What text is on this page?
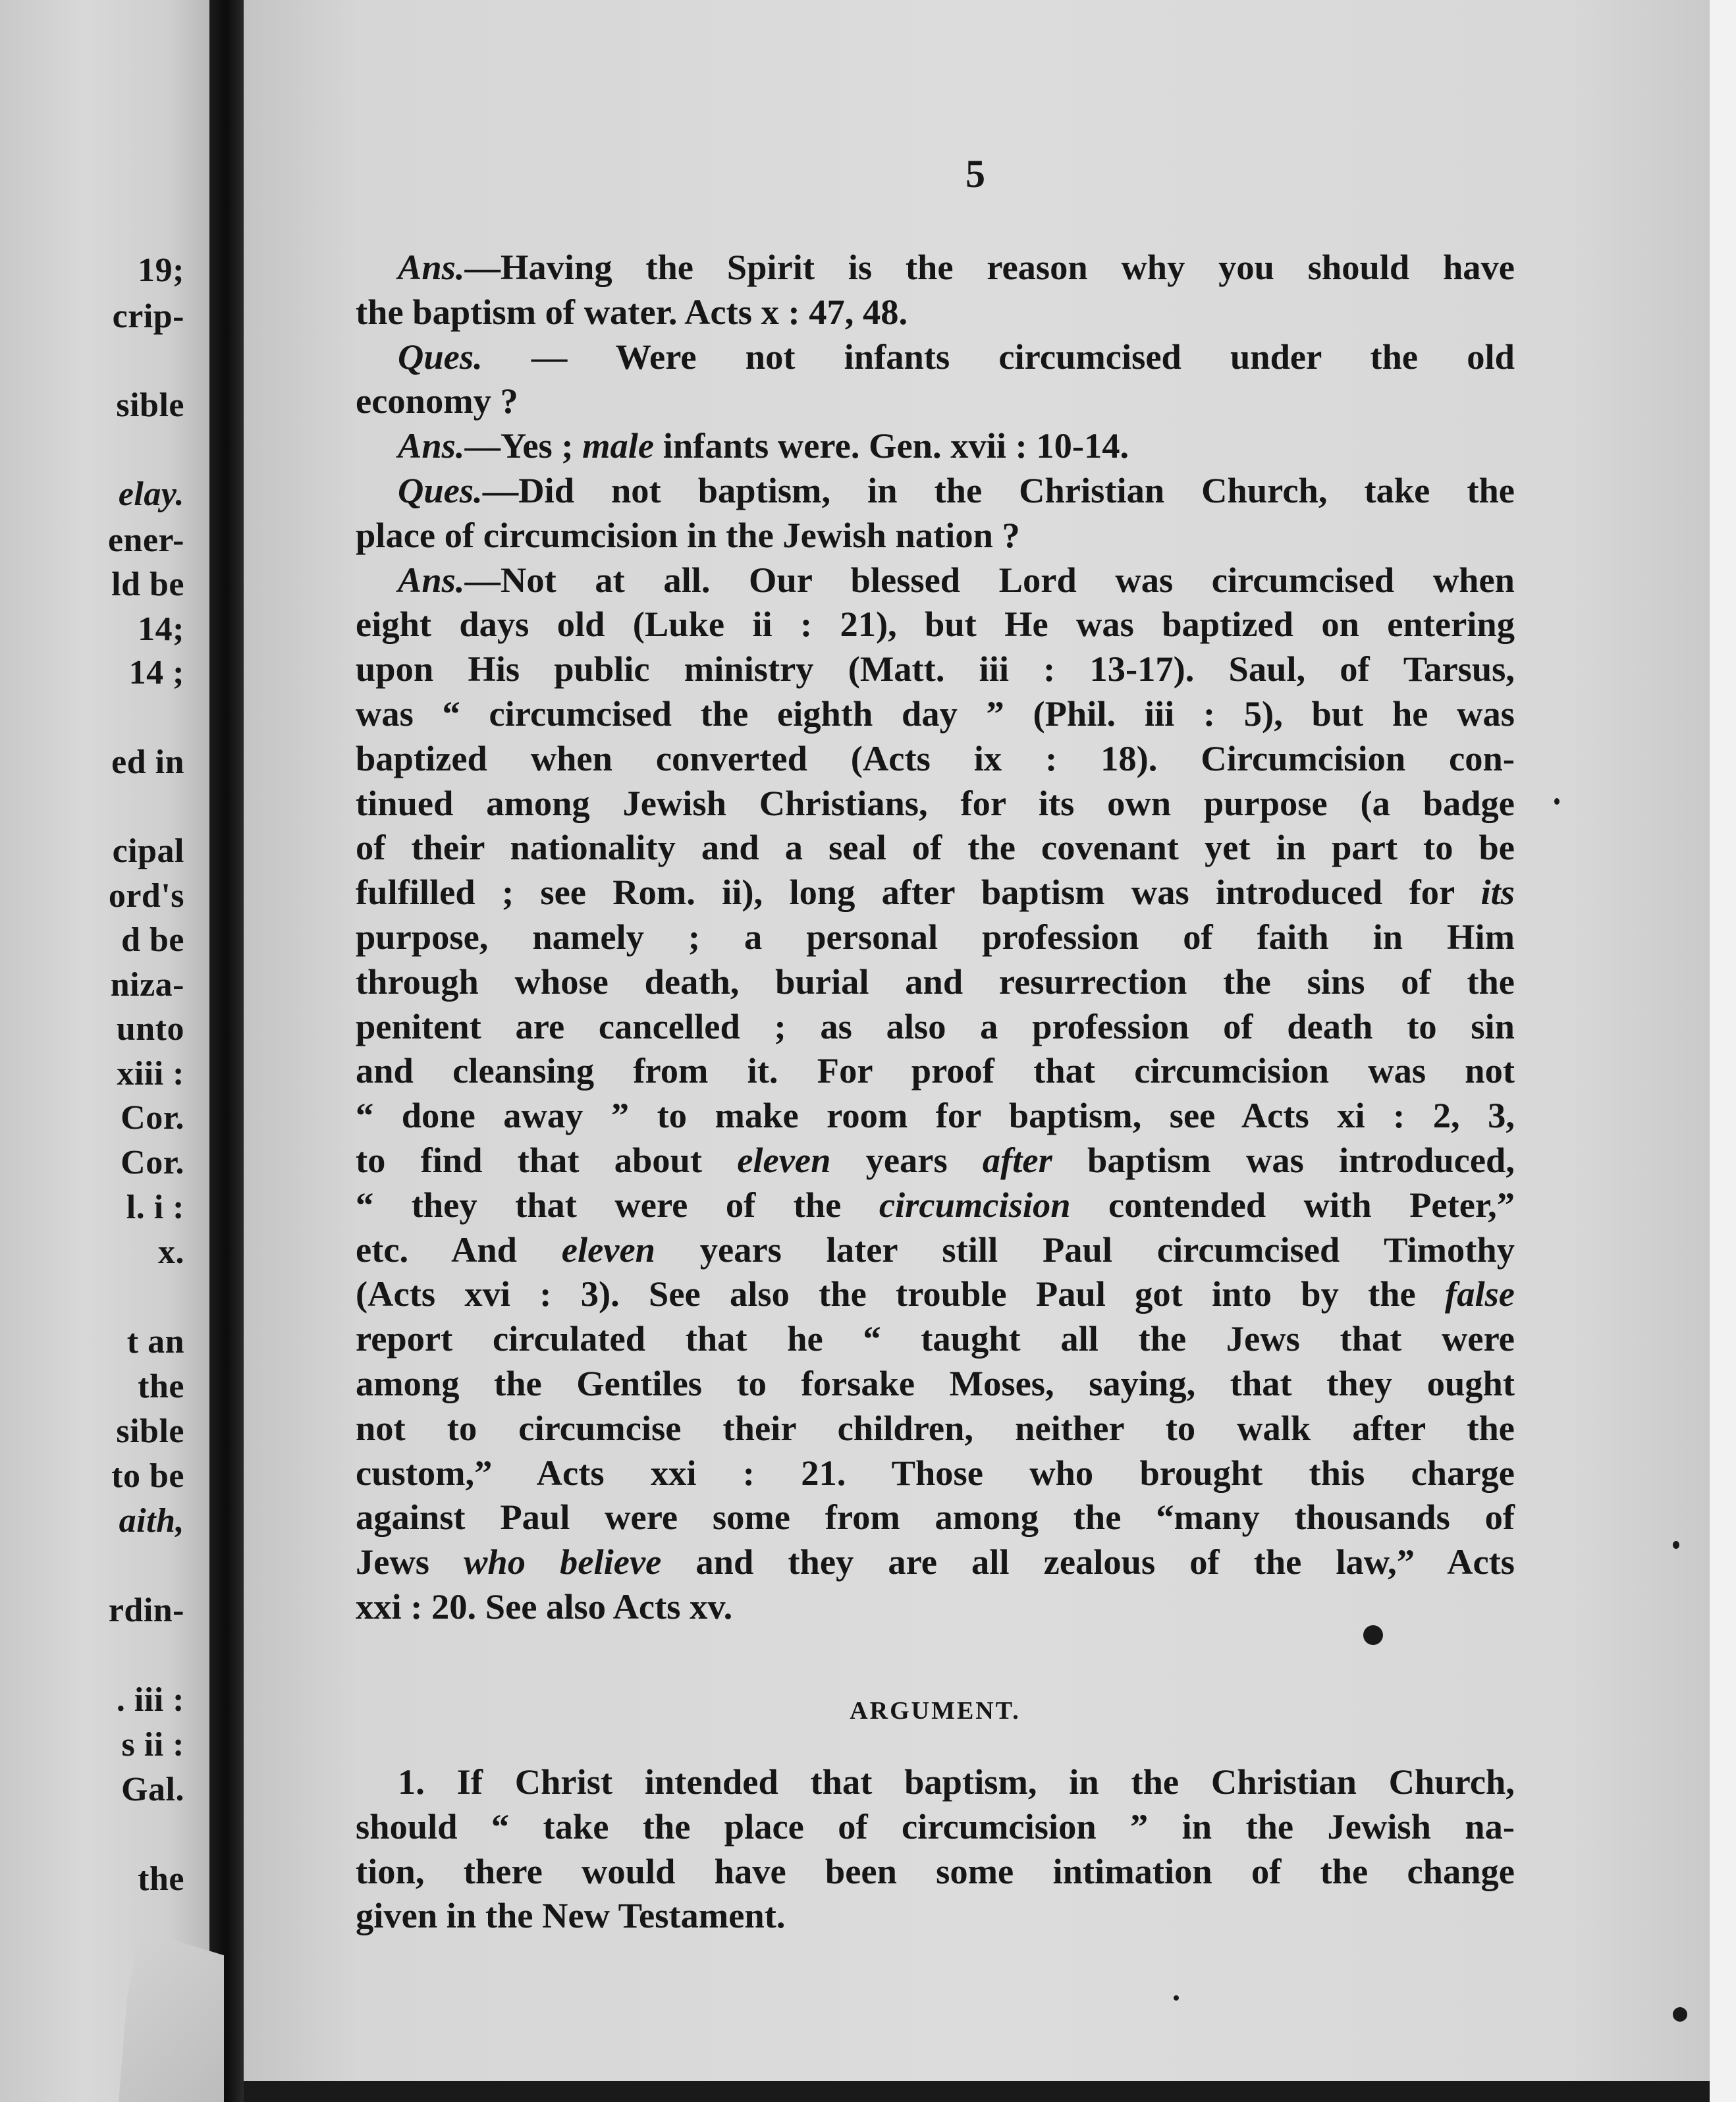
19;
crip-
sible
elay.
ener-
ld be
14;
14 ;
ed in
cipal
ord's
d be
niza-
unto
xiii :
Cor.
Cor.
l. i :
x.
t an
the
sible
to be
aith,
rdin-
. iii :
s ii :
Gal.
the
5
Ans.—Having the Spirit is the reason why you should have
the baptism of water. Acts x : 47, 48.
Ques. — Were not infants circumcised under the old
economy ?
Ans.—Yes ; male infants were. Gen. xvii : 10-14.
Ques.—Did not baptism, in the Christian Church, take the
place of circumcision in the Jewish nation ?
Ans.—Not at all. Our blessed Lord was circumcised when
eight days old (Luke ii : 21), but He was baptized on entering
upon His public ministry (Matt. iii : 13-17). Saul, of Tarsus,
was “ circumcised the eighth day ” (Phil. iii : 5), but he was
baptized when converted (Acts ix : 18). Circumcision con-
tinued among Jewish Christians, for its own purpose (a badge
of their nationality and a seal of the covenant yet in part to be
fulfilled ; see Rom. ii), long after baptism was introduced for its
purpose, namely ; a personal profession of faith in Him
through whose death, burial and resurrection the sins of the
penitent are cancelled ; as also a profession of death to sin
and cleansing from it. For proof that circumcision was not
“ done away ” to make room for baptism, see Acts xi : 2, 3,
to find that about eleven years after baptism was introduced,
“ they that were of the circumcision contended with Peter,”
etc. And eleven years later still Paul circumcised Timothy
(Acts xvi : 3). See also the trouble Paul got into by the false
report circulated that he “ taught all the Jews that were
among the Gentiles to forsake Moses, saying, that they ought
not to circumcise their children, neither to walk after the
custom,” Acts xxi : 21. Those who brought this charge
against Paul were some from among the “many thousands of
Jews who believe and they are all zealous of the law,” Acts
xxi : 20. See also Acts xv.
ARGUMENT.
1. If Christ intended that baptism, in the Christian Church,
should “ take the place of circumcision ” in the Jewish na-
tion, there would have been some intimation of the change
given in the New Testament.
